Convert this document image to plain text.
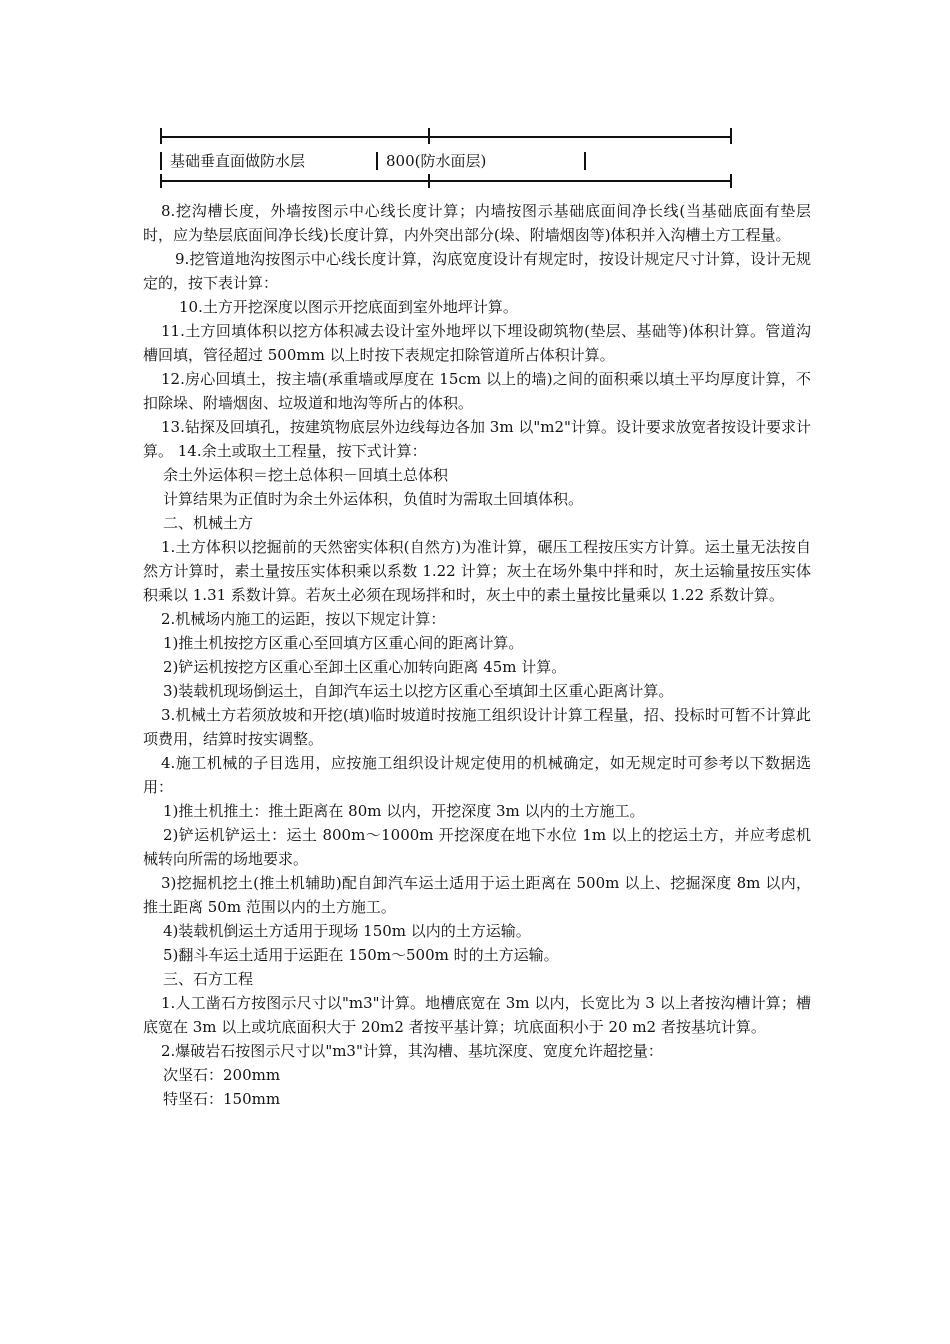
基础垂直面做防水层	800(防水面层)

8.挖沟槽长度，外墙按图示中心线长度计算；内墙按图示基础底面间净长线(当基础底面有垫层时，应为垫层底面间净长线)长度计算，内外突出部分(垛、附墙烟囱等)体积并入沟槽土方工程量。

9.挖管道地沟按图示中心线长度计算，沟底宽度设计有规定时，按设计规定尺寸计算，设计无规定的，按下表计算：

10.土方开挖深度以图示开挖底面到室外地坪计算。

11.土方回填体积以挖方体积减去设计室外地坪以下埋设砌筑物(垫层、基础等)体积计算。管道沟槽回填，管径超过 500mm 以上时按下表规定扣除管道所占体积计算。

12.房心回填土，按主墙(承重墙或厚度在 15cm 以上的墙)之间的面积乘以填土平均厚度计算，不扣除垛、附墙烟囱、垃圾道和地沟等所占的体积。

13.钻探及回填孔，按建筑物底层外边线每边各加 3m 以"m2"计算。设计要求放宽者按设计要求计算。 14.余土或取土工程量，按下式计算：

余土外运体积＝挖土总体积－回填土总体积

计算结果为正值时为余土外运体积，负值时为需取土回填体积。

二、机械土方

1.土方体积以挖掘前的天然密实体积(自然方)为准计算，碾压工程按压实方计算。运土量无法按自然方计算时，素土量按压实体积乘以系数 1.22 计算；灰土在场外集中拌和时，灰土运输量按压实体积乘以 1.31 系数计算。若灰土必须在现场拌和时，灰土中的素土量按比量乘以 1.22 系数计算。

2.机械场内施工的运距，按以下规定计算：

1)推土机按挖方区重心至回填方区重心间的距离计算。

2)铲运机按挖方区重心至卸土区重心加转向距离 45m 计算。

3)装载机现场倒运土，自卸汽车运土以挖方区重心至填卸土区重心距离计算。

3.机械土方若须放坡和开挖(填)临时坡道时按施工组织设计计算工程量，招、投标时可暂不计算此项费用，结算时按实调整。

4.施工机械的子目选用，应按施工组织设计规定使用的机械确定，如无规定时可参考以下数据选用：

1)推土机推土：推土距离在 80m 以内，开挖深度 3m 以内的土方施工。

2)铲运机铲运土：运土 800m～1000m 开挖深度在地下水位 1m 以上的挖运土方，并应考虑机械转向所需的场地要求。

3)挖掘机挖土(推土机辅助)配自卸汽车运土适用于运土距离在 500m 以上、挖掘深度 8m 以内，推土距离 50m 范围以内的土方施工。

4)装载机倒运土方适用于现场 150m 以内的土方运输。

5)翻斗车运土适用于运距在 150m～500m 时的土方运输。

三、石方工程

1.人工凿石方按图示尺寸以"m3"计算。地槽底宽在 3m 以内，长宽比为 3 以上者按沟槽计算；槽底宽在 3m 以上或坑底面积大于 20m2 者按平基计算；坑底面积小于 20 m2 者按基坑计算。

2.爆破岩石按图示尺寸以"m3"计算，其沟槽、基坑深度、宽度允许超挖量：

次坚石：200mm

特坚石：150mm
